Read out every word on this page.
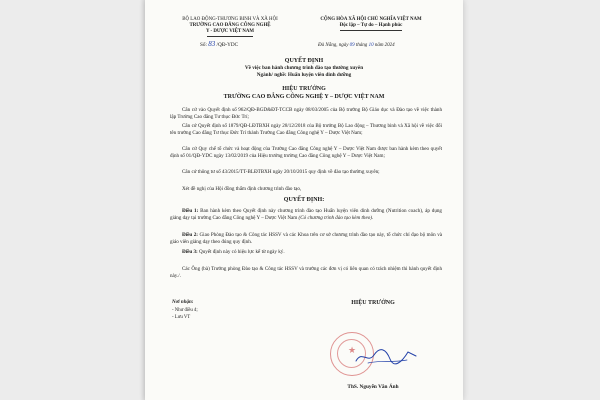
BỘ LAO ĐỘNG-THƯƠNG BINH VÀ XÃ HỘI
TRƯỜNG CAO ĐẲNG CÔNG NGHỆ
Y - DƯỢC VIỆT NAM
Số: 83 /QĐ-YDC
CỘNG HÒA XÃ HỘI CHỦ NGHĨA VIỆT NAM
Độc lập – Tự do – Hạnh phúc
Đà Nẵng, ngày 09 tháng 10 năm 2024
QUYẾT ĐỊNH
Về việc ban hành chương trình đào tạo thường xuyên
Ngành/ nghề: Huấn luyện viên dinh dưỡng
HIỆU TRƯỞNG
TRƯỜNG CAO ĐẲNG CÔNG NGHỆ Y – DƯỢC VIỆT NAM
Căn cứ vào Quyết định số 962/QĐ-BGD&ĐT-TCCB ngày 08/03/2005 của Bộ trưởng Bộ Giáo dục và Đào tạo về việc thành lập Trường Cao đẳng Tư thục Đức Trí;
Căn cứ Quyết định số 1879/QĐ-LĐTBXH ngày 28/12/2018 của Bộ trưởng Bộ Lao động – Thương binh và Xã hội về việc đổi tên trường Cao đẳng Tư thục Đức Trí thành Trường Cao đẳng Công nghệ Y – Dược Việt Nam;
Căn cứ Quy chế tổ chức và hoạt động của Trường Cao đẳng Công nghệ Y – Dược Việt Nam được ban hành kèm theo quyết định số 01/QĐ-YDC ngày 13/02/2019 của Hiệu trưởng trường Cao đẳng Công nghệ Y – Dược Việt Nam;
Căn cứ thông tư số 43/2015/TT-BLĐTBXH ngày 20/10/2015 quy định về đào tạo thường xuyên;
Xét đề nghị của Hội đồng thẩm định chương trình đào tạo,
QUYẾT ĐỊNH:
Điều 1: Ban hành kèm theo Quyết định này chương trình đào tạo Huấn luyện viên dinh dưỡng (Nutrition coach), áp dụng giảng dạy tại trường Cao đẳng Công nghệ Y – Dược Việt Nam (Có chương trình đào tạo kèm theo).
Điều 2: Giao Phòng Đào tạo & Công tác HSSV và các Khoa trên cơ sở chương trình đào tạo này, tổ chức chỉ đạo bộ môn và giáo viên giảng dạy theo đúng quy định.
Điều 3: Quyết định này có hiệu lực kể từ ngày ký.
Các Ông (bà) Trưởng phòng Đào tạo & Công tác HSSV và trưởng các đơn vị có liên quan có trách nhiệm thi hành quyết định này./.
Nơi nhận:
- Như điều 4;
- Lưu VT
HIỆU TRƯỞNG
★
ThS. Nguyễn Văn Ánh
